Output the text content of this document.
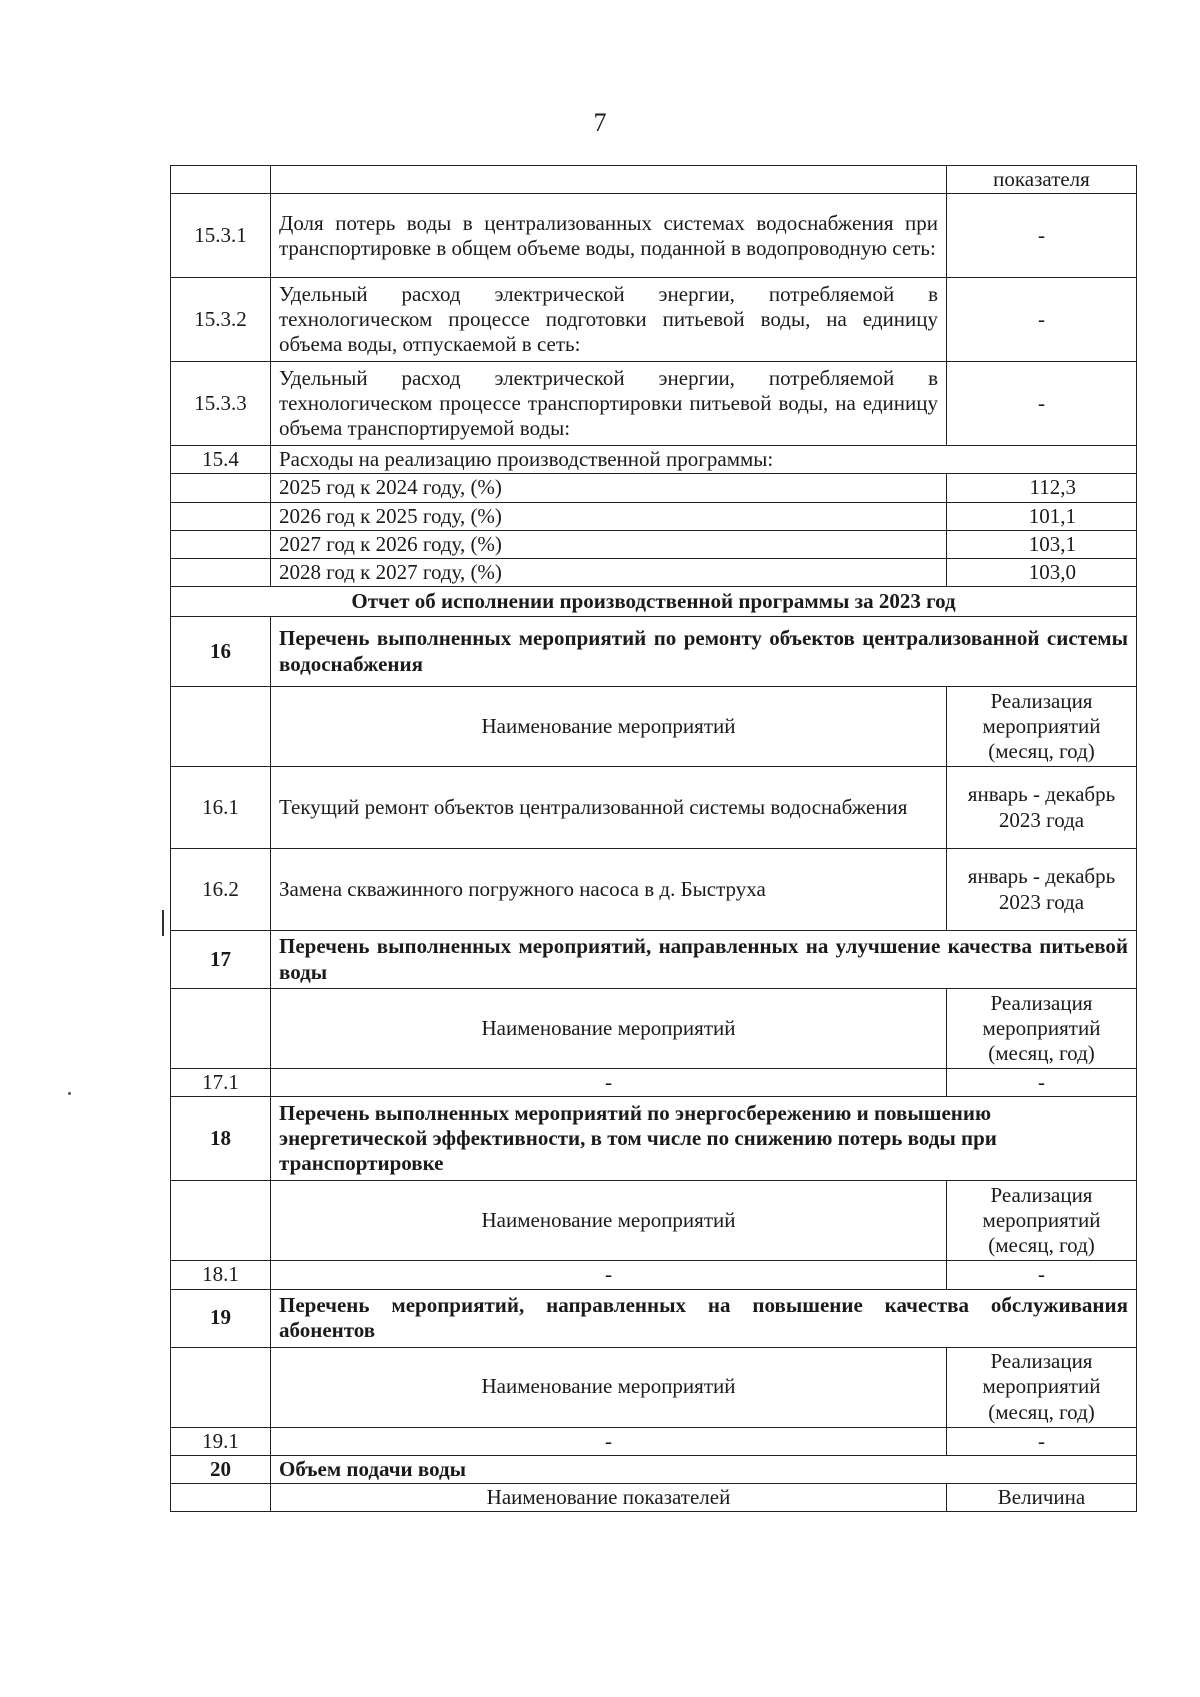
7
		показателя
15.3.1	Доля потерь воды в централизованных системах водоснабжения при транспортировке в общем объеме воды, поданной в водопроводную сеть:	-
15.3.2	Удельный расход электрической энергии, потребляемой в технологическом процессе подготовки питьевой воды, на единицу объема воды, отпускаемой в сеть:	-
15.3.3	Удельный расход электрической энергии, потребляемой в технологическом процессе транспортировки питьевой воды, на единицу объема транспортируемой воды:	-
15.4	Расходы на реализацию производственной программы:	
	2025 год к 2024 году, (%)	112,3
	2026 год к 2025 году, (%)	101,1
	2027 год к 2026 году, (%)	103,1
	2028 год к 2027 году, (%)	103,0
Отчет об исполнении производственной программы за 2023 год		
16	Перечень выполненных мероприятий по ремонту объектов централизованной системы водоснабжения	
	Наименование мероприятий	Реализация мероприятий (месяц, год)
16.1	Текущий ремонт объектов централизованной системы водоснабжения	январь - декабрь 2023 года
16.2	Замена скважинного погружного насоса в д. Быструха	январь - декабрь 2023 года
17	Перечень выполненных мероприятий, направленных на улучшение качества питьевой воды	
	Наименование мероприятий	Реализация мероприятий (месяц, год)
17.1	-	-
18	Перечень выполненных мероприятий по энергосбережению и повышению энергетической эффективности, в том числе по снижению потерь воды при транспортировке	
	Наименование мероприятий	Реализация мероприятий (месяц, год)
18.1	-	-
19	Перечень мероприятий, направленных на повышение качества обслуживания абонентов	
	Наименование мероприятий	Реализация мероприятий (месяц, год)
19.1	-	-
20	Объем подачи воды	
	Наименование показателей	Величина
